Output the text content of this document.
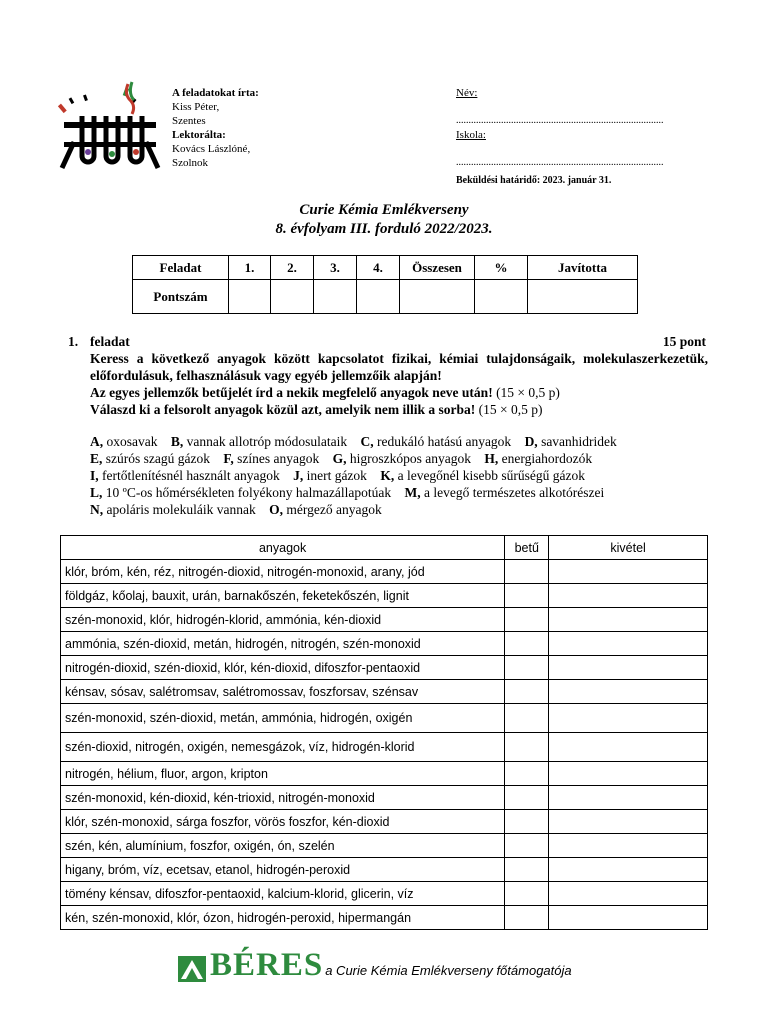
A feladatokat írta:
Kiss Péter,
Szentes
Lektorálta:
Kovács Lászlóné,
Szolnok
Név:
...................................................................................
Iskola:
...................................................................................
Beküldési határidő: 2023. január 31.
Curie Kémia Emlékverseny
8. évfolyam III. forduló 2022/2023.
Feladat	1.	2.	3.	4.	Összesen	%	Javította
Pontszám							
1. feladat	15 pont
Keress a következő anyagok között kapcsolatot fizikai, kémiai tulajdonságaik, molekulaszerkezetük, előfordulásuk, felhasználásuk vagy egyéb jellemzőik alapján!
Az egyes jellemzők betűjelét írd a nekik megfelelő anyagok neve után! (15 × 0,5 p)
Válaszd ki a felsorolt anyagok közül azt, amelyik nem illik a sorba! (15 × 0,5 p)
A, oxosavak B, vannak allotróp módosulataik C, redukáló hatású anyagok D, savanhidridek
E, szúrós szagú gázok F, színes anyagok G, higroszkópos anyagok H, energiahordozók
I, fertőtlenítésnél használt anyagok J, inert gázok K, a levegőnél kisebb sűrűségű gázok
L, 10 ºC-os hőmérsékleten folyékony halmazállapotúak M, a levegő természetes alkotórészei
N, apoláris molekuláik vannak O, mérgező anyagok
anyagok	betű	kivétel
klór, bróm, kén, réz, nitrogén-dioxid, nitrogén-monoxid, arany, jód		
földgáz, kőolaj, bauxit, urán, barnakőszén, feketekőszén, lignit		
szén-monoxid, klór, hidrogén-klorid, ammónia, kén-dioxid		
ammónia, szén-dioxid, metán, hidrogén, nitrogén, szén-monoxid		
nitrogén-dioxid, szén-dioxid, klór, kén-dioxid, difoszfor-pentaoxid		
kénsav, sósav, salétromsav, salétromossav, foszforsav, szénsav		
szén-monoxid, szén-dioxid, metán, ammónia, hidrogén, oxigén		
szén-dioxid, nitrogén, oxigén, nemesgázok, víz, hidrogén-klorid		
nitrogén, hélium, fluor, argon, kripton		
szén-monoxid, kén-dioxid, kén-trioxid, nitrogén-monoxid		
klór, szén-monoxid, sárga foszfor, vörös foszfor, kén-dioxid		
szén, kén, alumínium, foszfor, oxigén, ón, szelén		
higany, bróm, víz, ecetsav, etanol, hidrogén-peroxid		
tömény kénsav, difoszfor-pentaoxid, kalcium-klorid, glicerin, víz		
kén, szén-monoxid, klór, ózon, hidrogén-peroxid, hipermangán		
BÉRES a Curie Kémia Emlékverseny főtámogatója
